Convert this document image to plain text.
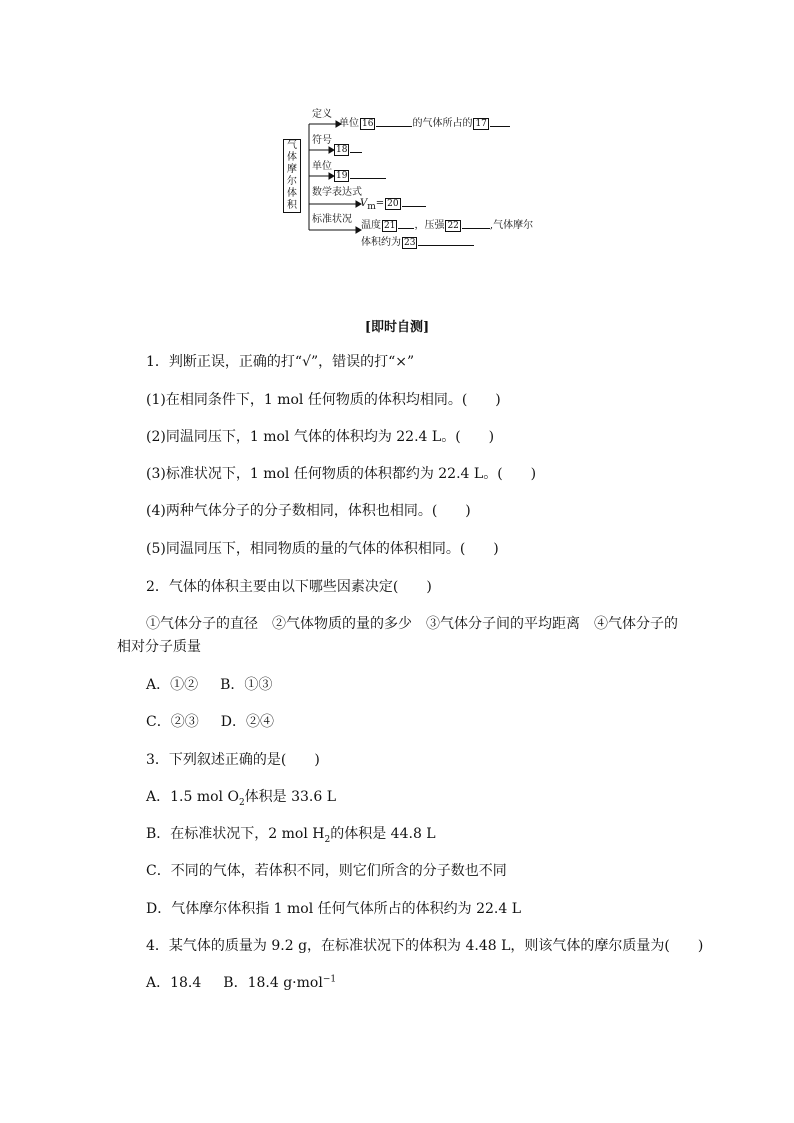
气
体
摩
尔
体
积
定义
单位 16	的气体所占的 17
符号
18
单位
19
数学表达式
$V_m= 20$
标准状况
温度 21 ，压强 22	,气体摩尔
体积约为 23
[即时自测]
1．判断正误，正确的打“√”，错误的打“×”
(1)在相同条件下，1 mol 任何物质的体积均相同。(　　)
(2)同温同压下，1 mol 气体的体积均为 22.4 L。(　　)
(3)标准状况下，1 mol 任何物质的体积都约为 22.4 L。(　　)
(4)两种气体分子的分子数相同，体积也相同。(　　)
(5)同温同压下，相同物质的量的气体的体积相同。(　　)
2．气体的体积主要由以下哪些因素决定(　　)
①气体分子的直径　②气体物质的量的多少　③气体分子间的平均距离　④气体分子的
相对分子质量
A．①② B．①③
C．②③ D．②④
3．下列叙述正确的是(　　)
A．1.5 mol $O_2$体积是 33.6 L
B．在标准状况下，2 mol $H_2$的体积是 44.8 L
C．不同的气体，若体积不同，则它们所含的分子数也不同
D．气体摩尔体积指 1 mol 任何气体所占的体积约为 22.4 L
4．某气体的质量为 9.2 g，在标准状况下的体积为 4.48 L，则该气体的摩尔质量为(　　)
A．18.4 B．18.4 g·mol$^{-1}$
